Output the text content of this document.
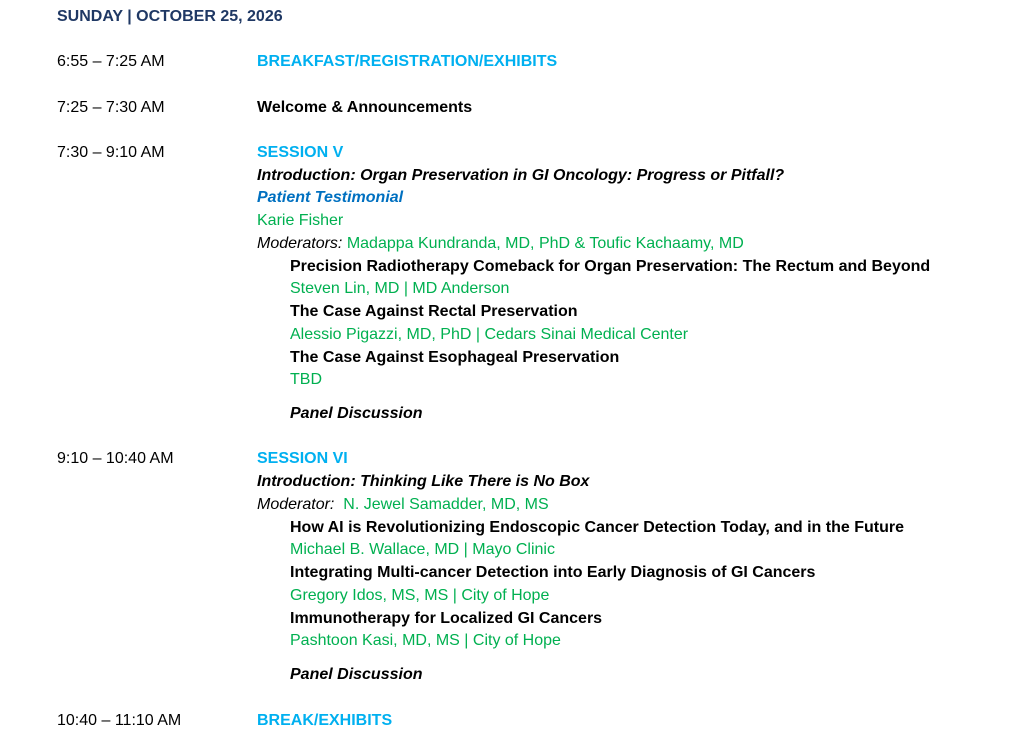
SUNDAY | OCTOBER 25, 2026
6:55 – 7:25 AM	BREAKFAST/REGISTRATION/EXHIBITS
7:25 – 7:30 AM	Welcome & Announcements
7:30 – 9:10 AM	SESSION V
Introduction: Organ Preservation in GI Oncology: Progress or Pitfall?
Patient Testimonial
Karie Fisher
Moderators: Madappa Kundranda, MD, PhD & Toufic Kachaamy, MD
Precision Radiotherapy Comeback for Organ Preservation: The Rectum and Beyond
Steven Lin, MD | MD Anderson
The Case Against Rectal Preservation
Alessio Pigazzi, MD, PhD | Cedars Sinai Medical Center
The Case Against Esophageal Preservation
TBD
Panel Discussion
9:10 – 10:40 AM	SESSION VI
Introduction: Thinking Like There is No Box
Moderator: N. Jewel Samadder, MD, MS
How AI is Revolutionizing Endoscopic Cancer Detection Today, and in the Future
Michael B. Wallace, MD | Mayo Clinic
Integrating Multi-cancer Detection into Early Diagnosis of GI Cancers
Gregory Idos, MS, MS | City of Hope
Immunotherapy for Localized GI Cancers
Pashtoon Kasi, MD, MS | City of Hope
Panel Discussion
10:40 – 11:10 AM	BREAK/EXHIBITS
